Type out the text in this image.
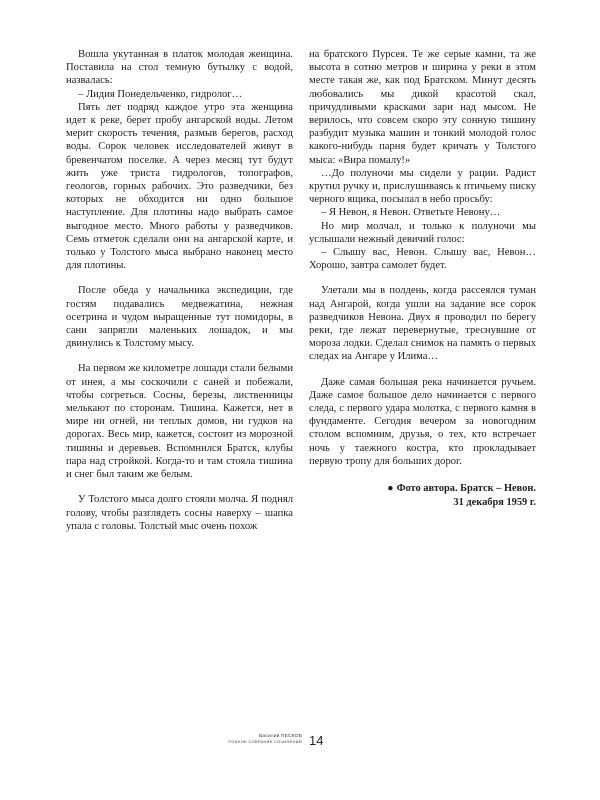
Вошла укутанная в платок молодая женщина. Поставила на стол темную бутылку с водой, назвалась:

– Лидия Понедельченко, гидролог…

Пять лет подряд каждое утро эта женщина идет к реке, берет пробу ангарской воды. Летом мерит скорость течения, размыв берегов, расход воды. Сорок человек исследователей живут в бревенчатом поселке. А через месяц тут будут жить уже триста гидрологов, топографов, геологов, горных рабочих. Это разведчики, без которых не обходится ни одно большое наступление. Для плотины надо выбрать самое выгодное место. Много работы у разведчиков. Семь отметок сделали они на ангарской карте, и только у Толстого мыса выбрано наконец место для плотины.

После обеда у начальника экспедиции, где гостям подавались медвежатина, нежная осетрина и чудом выращенные тут помидоры, в сани запрягли маленьких лошадок, и мы двинулись к Толстому мысу.

На первом же километре лошади стали белыми от инея, а мы соскочили с саней и побежали, чтобы согреться. Сосны, березы, лиственницы мелькают по сторонам. Тишина. Кажется, нет в мире ни огней, ни теплых домов, ни гудков на дорогах. Весь мир, кажется, состоит из морозной тишины и деревьев. Вспомнился Братск, клубы пара над стройкой. Когда-то и там стояла тишина и снег был таким же белым.

У Толстого мыса долго стояли молча. Я поднял голову, чтобы разглядеть сосны наверху – шапка упала с головы. Толстый мыс очень похож

на братского Пурсея. Те же серые камни, та же высота в сотню метров и ширина у реки в этом месте такая же, как под Братском. Минут десять любовались мы дикой красотой скал, причудливыми красками зари над мысом. Не верилось, что совсем скоро эту сонную тишину разбудит музыка машин и тонкий молодой голос какого-нибудь парня будет кричать у Толстого мыса: «Вира помалу!»

…До полуночи мы сидели у рации. Радист крутил ручку и, прислушиваясь к птичьему писку черного ящика, посылал в небо просьбу:

– Я Невон, я Невон. Ответьте Невону…

Но мир молчал, и только к полуночи мы услышали нежный девичий голос:

– Слышу вас, Невон. Слышу вас, Невон… Хорошо, завтра самолет будет.

Улетали мы в полдень, когда рассеялся туман над Ангарой, когда ушли на задание все сорок разведчиков Невона. Двух я проводил по берегу реки, где лежат перевернутые, треснувшие от мороза лодки. Сделал снимок на память о первых следах на Ангаре у Илима…

Даже самая большая река начинается ручьем. Даже самое большое дело начинается с первого следа, с первого удара молотка, с первого камня в фундаменте. Сегодня вечером за новогодним столом вспомним, друзья, о тех, кто встречает ночь у таежного костра, кто прокладывает первую тропу для больших дорог.

● Фото автора. Братск – Невон.
31 декабря 1959 г.
Василий ПЕСКОВ
ПОЛНОЕ СОБРАНИЕ СОЧИНЕНИЙ 14
